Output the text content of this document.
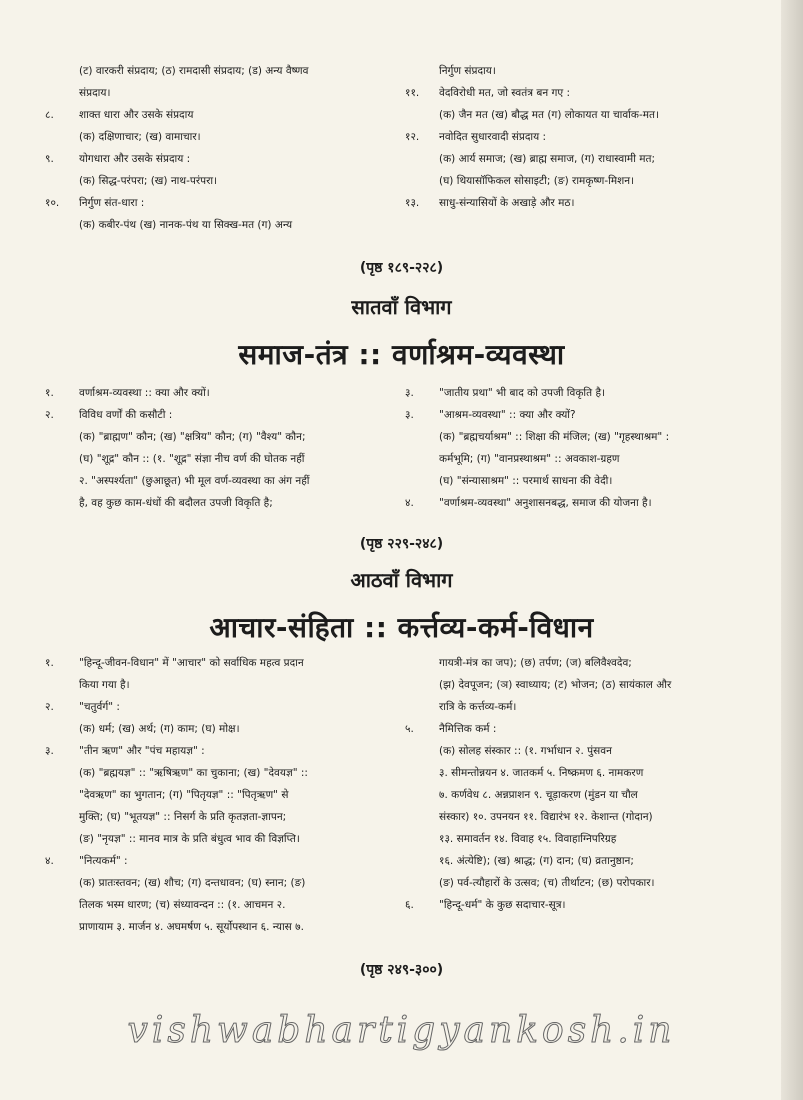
(ट) वारकरी संप्रदाय; (ठ) रामदासी संप्रदाय; (ड) अन्य वैष्णव
संप्रदाय।
८.	शाक्त धारा और उसके संप्रदाय
(क) दक्षिणाचार; (ख) वामाचार।
९.	योगधारा और उसके संप्रदाय :
(क) सिद्ध-परंपरा; (ख) नाथ-परंपरा।
१०.	निर्गुण संत-धारा :
(क) कबीर-पंथ (ख) नानक-पंथ या सिक्ख-मत (ग) अन्य
निर्गुण संप्रदाय।
११.	वेदविरोधी मत, जो स्वतंत्र बन गए :
(क) जैन मत (ख) बौद्ध मत (ग) लोकायत या चार्वाक-मत।
१२.	नवोदित सुधारवादी संप्रदाय :
(क) आर्य समाज; (ख) ब्राह्म समाज, (ग) राधास्वामी मत;
(घ) थियासॉफिकल सोसाइटी; (ङ) रामकृष्ण-मिशन।
१३.	साधु-संन्यासियों के अखाड़े और मठ।
(पृष्ठ १८९-२२८)
सातवाँ विभाग
समाज-तंत्र :: वर्णाश्रम-व्यवस्था
१.	वर्णाश्रम-व्यवस्था :: क्या और क्यों।
२.	विविध वर्णों की कसौटी :
(क) "ब्राह्मण" कौन; (ख) "क्षत्रिय" कौन; (ग) "वैश्य" कौन;
(घ) "शूद्र" कौन :: (१. "शूद्र" संज्ञा नीच वर्ण की घोतक नहीं
२. "अस्पर्श्यता" (छुआछूत) भी मूल वर्ण-व्यवस्था का अंग नहीं
है, वह कुछ काम-धंधों की बदौलत उपजी विकृति है;
३.	"जातीय प्रथा" भी बाद को उपजी विकृति है।
३.	"आश्रम-व्यवस्था" :: क्या और क्यों?
(क) "ब्रह्मचर्याश्रम" :: शिक्षा की मंजिल; (ख) "गृहस्थाश्रम" :
कर्मभूमि; (ग) "वानप्रस्थाश्रम" :: अवकाश-ग्रहण
(घ) "संन्यासाश्रम" :: परमार्थ साधना की वेदी।
४.	"वर्णाश्रम-व्यवस्था" अनुशासनबद्ध, समाज की योजना है।
(पृष्ठ २२९-२४८)
आठवाँ विभाग
आचार-संहिता :: कर्त्तव्य-कर्म-विधान
१.	"हिन्दू-जीवन-विधान" में "आचार" को सर्वाधिक महत्व प्रदान
किया गया है।
२.	"चतुर्वर्ग" :
(क) धर्म; (ख) अर्थ; (ग) काम; (घ) मोक्ष।
३.	"तीन ऋण" और "पंच महायज्ञ" :
(क) "ब्रह्मयज्ञ" :: "ऋषिऋण" का चुकाना; (ख) "देवयज्ञ" ::
"देवऋण" का भुगतान; (ग) "पितृयज्ञ" :: "पितृऋण" से
मुक्ति; (घ) "भूतयज्ञ" :: निसर्ग के प्रति कृतज्ञता-ज्ञापन;
(ङ) "नृयज्ञ" :: मानव मात्र के प्रति बंधुत्व भाव की विज्ञप्ति।
४.	"नित्यकर्म" :
(क) प्रातःस्तवन; (ख) शौच; (ग) दन्तधावन; (घ) स्नान; (ङ)
तिलक भस्म धारण; (च) संध्यावन्दन :: (१. आचमन २.
प्राणायाम ३. मार्जन ४. अघमर्षण ५. सूर्योपस्थान ६. न्यास ७.
गायत्री-मंत्र का जप); (छ) तर्पण; (ज) बलिवैश्वदेव;
(झ) देवपूजन; (ञ) स्वाध्याय; (ट) भोजन; (ठ) सायंकाल और
रात्रि के कर्त्तव्य-कर्म।
५.	नैमित्तिक कर्म :
(क) सोलह संस्कार :: (१. गर्भाधान २. पुंसवन
३. सीमन्तोन्नयन ४. जातकर्म ५. निष्क्रमण ६. नामकरण
७. कर्णवेध ८. अन्नप्राशन ९. चूड़ाकरण (मुंडन या चौल
संस्कार) १०. उपनयन ११. विद्यारंभ १२. केशान्त (गोदान)
१३. समावर्तन १४. विवाह १५. विवाहाग्निपरिग्रह
१६. अंत्येष्टि); (ख) श्राद्ध; (ग) दान; (घ) व्रतानुष्ठान;
(ङ) पर्व-त्यौहारों के उत्सव; (च) तीर्थाटन; (छ) परोपकार।
६.	"हिन्दू-धर्म" के कुछ सदाचार-सूत्र।
(पृष्ठ २४९-३००)
vishwabhartigyankosh.in
